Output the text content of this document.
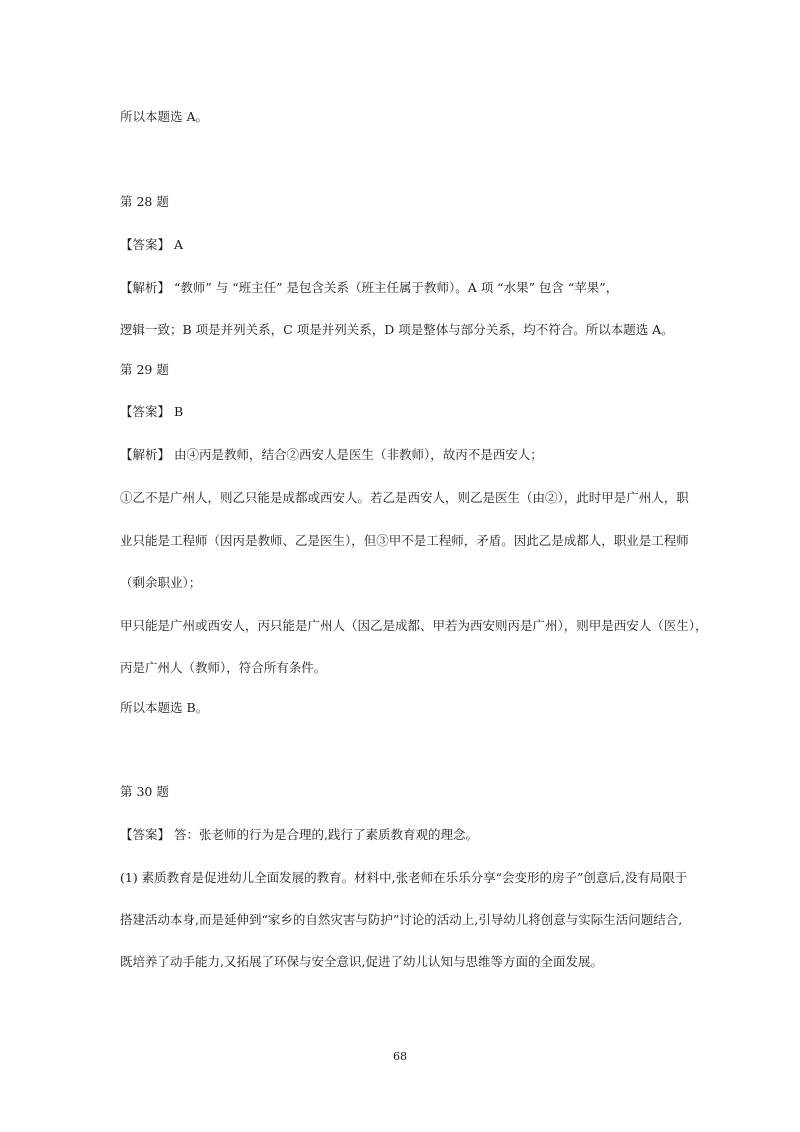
所以本题选 A。
第 28 题
【答案】 A
【解析】 “教师” 与 “班主任” 是包含关系（班主任属于教师）。A 项 “水果” 包含 “苹果”，
逻辑一致；B 项是并列关系，C 项是并列关系，D 项是整体与部分关系，均不符合。所以本题选 A。
第 29 题
【答案】 B
【解析】 由④丙是教师，结合②西安人是医生（非教师），故丙不是西安人；
①乙不是广州人，则乙只能是成都或西安人。若乙是西安人，则乙是医生（由②），此时甲是广州人，职
业只能是工程师（因丙是教师、乙是医生），但③甲不是工程师，矛盾。因此乙是成都人，职业是工程师
（剩余职业）；
甲只能是广州或西安人，丙只能是广州人（因乙是成都、甲若为西安则丙是广州），则甲是西安人（医生），
丙是广州人（教师），符合所有条件。
所以本题选 B。
第 30 题
【答案】 答：张老师的行为是合理的,践行了素质教育观的理念。
(1) 素质教育是促进幼儿全面发展的教育。材料中,张老师在乐乐分享“会变形的房子”创意后,没有局限于
搭建活动本身,而是延伸到“家乡的自然灾害与防护”讨论的活动上,引导幼儿将创意与实际生活问题结合,
既培养了动手能力,又拓展了环保与安全意识,促进了幼儿认知与思维等方面的全面发展。
68
